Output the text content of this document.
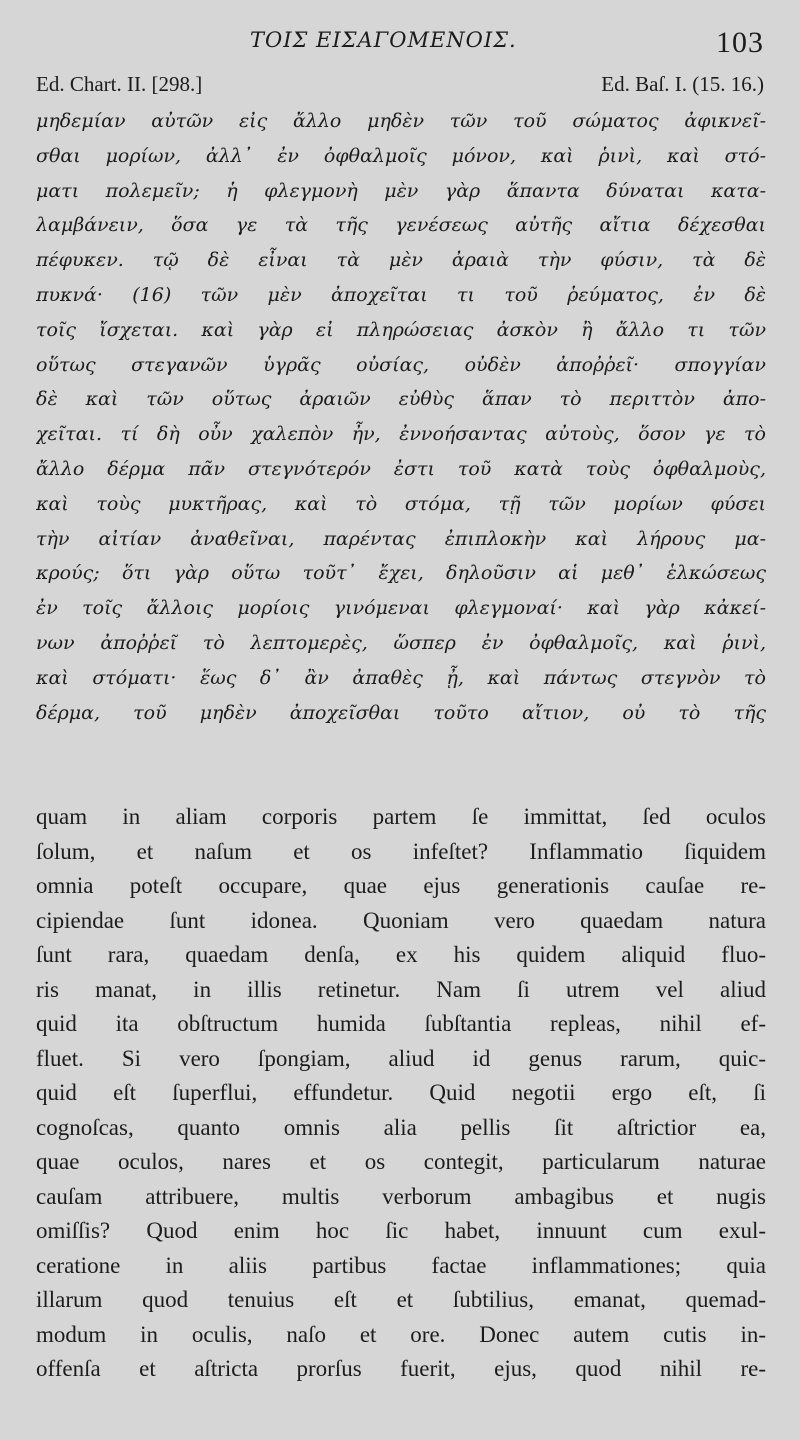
ΤΟΙΣ ΕΙΣΑΓΟΜΕΝΟΙΣ.	103
Ed. Chart. II. [298.]	Ed. Baſ. I. (15. 16.)
μηδεμίαν αὐτῶν εἰς ἄλλο μηδὲν τῶν τοῦ σώματος ἀφικνεῖ-
σθαι μορίων, ἀλλ᾽ ἐν ὀφθαλμοῖς μόνον, καὶ ῥινὶ, καὶ στό-
ματι πολεμεῖν; ἡ φλεγμονὴ μὲν γὰρ ἅπαντα δύναται κατα-
λαμβάνειν, ὅσα γε τὰ τῆς γενέσεως αὐτῆς αἴτια δέχεσθαι
πέφυκεν. τῷ δὲ εἶναι τὰ μὲν ἀραιὰ τὴν φύσιν, τὰ δὲ
πυκνά· (16) τῶν μὲν ἀποχεῖται τι τοῦ ῥεύματος, ἐν δὲ
τοῖς ἴσχεται. καὶ γὰρ εἰ πληρώσειας ἀσκὸν ἢ ἄλλο τι τῶν
οὕτως στεγανῶν ὑγρᾶς οὐσίας, οὐδὲν ἀποῤῥεῖ· σπογγίαν
δὲ καὶ τῶν οὕτως ἀραιῶν εὐθὺς ἅπαν τὸ περιττὸν ἀπο-
χεῖται. τί δὴ οὖν χαλεπὸν ἦν, ἐννοήσαντας αὐτοὺς, ὅσον γε τὸ
ἄλλο δέρμα πᾶν στεγνότερόν ἐστι τοῦ κατὰ τοὺς ὀφθαλμοὺς,
καὶ τοὺς μυκτῆρας, καὶ τὸ στόμα, τῇ τῶν μορίων φύσει
τὴν αἰτίαν ἀναθεῖναι, παρέντας ἐπιπλοκὴν καὶ λήρους μα-
κρούς; ὅτι γὰρ οὕτω τοῦτ᾽ ἔχει, δηλοῦσιν αἱ μεθ᾽ ἑλκώσεως
ἐν τοῖς ἄλλοις μορίοις γινόμεναι φλεγμοναί· καὶ γὰρ κἀκεί-
νων ἀποῤῥεῖ τὸ λεπτομερὲς, ὥσπερ ἐν ὀφθαλμοῖς, καὶ ῥινὶ,
καὶ στόματι· ἕως δ᾽ ἂν ἀπαθὲς ᾖ, καὶ πάντως στεγνὸν τὸ
δέρμα, τοῦ μηδὲν ἀποχεῖσθαι τοῦτο αἴτιον, οὐ τὸ τῆς
quam in aliam corporis partem ſe immittat, ſed oculos
ſolum, et naſum et os infeſtet? Inflammatio ſiquidem
omnia poteſt occupare, quae ejus generationis cauſae re-
cipiendae ſunt idonea. Quoniam vero quaedam natura
ſunt rara, quaedam denſa, ex his quidem aliquid fluo-
ris manat, in illis retinetur. Nam ſi utrem vel aliud
quid ita obſtructum humida ſubſtantia repleas, nihil ef-
fluet. Si vero ſpongiam, aliud id genus rarum, quic-
quid eſt ſuperflui, effundetur. Quid negotii ergo eſt, ſi
cognoſcas, quanto omnis alia pellis ſit aſtrictior ea,
quae oculos, nares et os contegit, particularum naturae
cauſam attribuere, multis verborum ambagibus et nugis
omiſſis? Quod enim hoc ſic habet, innuunt cum exul-
ceratione in aliis partibus factae inflammationes; quia
illarum quod tenuius eſt et ſubtilius, emanat, quemad-
modum in oculis, naſo et ore. Donec autem cutis in-
offenſa et aſtricta prorſus fuerit, ejus, quod nihil re-
